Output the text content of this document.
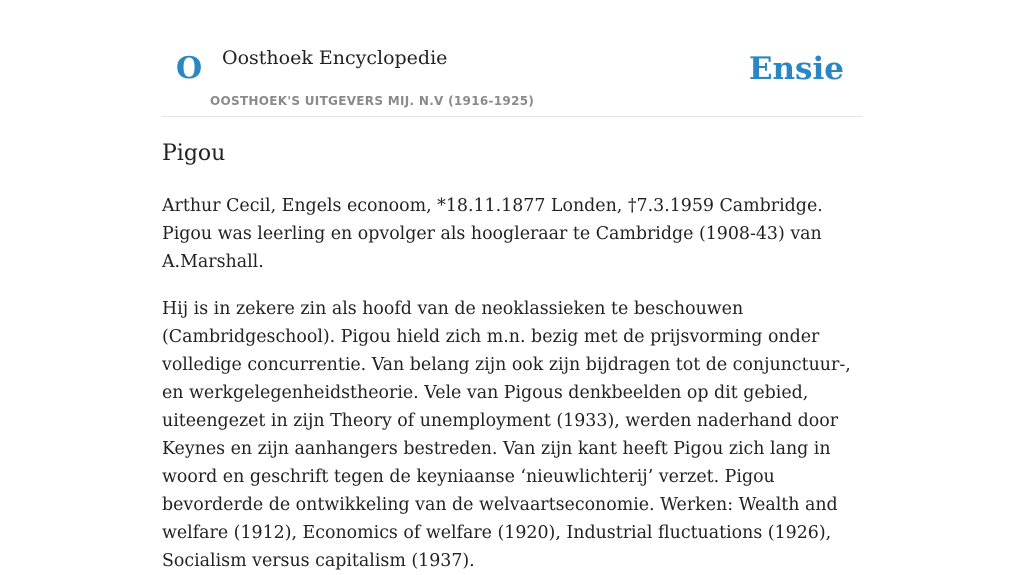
O Oosthoek Encyclopedie
OOSTHOEK'S UITGEVERS MIJ. N.V (1916-1925)
Ensie
Pigou

Arthur Cecil, Engels econoom, *18.11.1877 Londen, †7.3.1959 Cambridge. Pigou was leerling en opvolger als hoogleraar te Cambridge (1908-43) van A.Marshall.

Hij is in zekere zin als hoofd van de neoklassieken te beschouwen (Cambridgeschool). Pigou hield zich m.n. bezig met de prijsvorming onder volledige concurrentie. Van belang zijn ook zijn bijdragen tot de conjunctuur-, en werkgelegenheidstheorie. Vele van Pigous denkbeelden op dit gebied, uiteengezet in zijn Theory of unemployment (1933), werden naderhand door Keynes en zijn aanhangers bestreden. Van zijn kant heeft Pigou zich lang in woord en geschrift tegen de keyniaanse ‘nieuwlichterij’ verzet. Pigou bevorderde de ontwikkeling van de welvaartseconomie. Werken: Wealth and welfare (1912), Economics of welfare (1920), Industrial fluctuations (1926), Socialism versus capitalism (1937).
